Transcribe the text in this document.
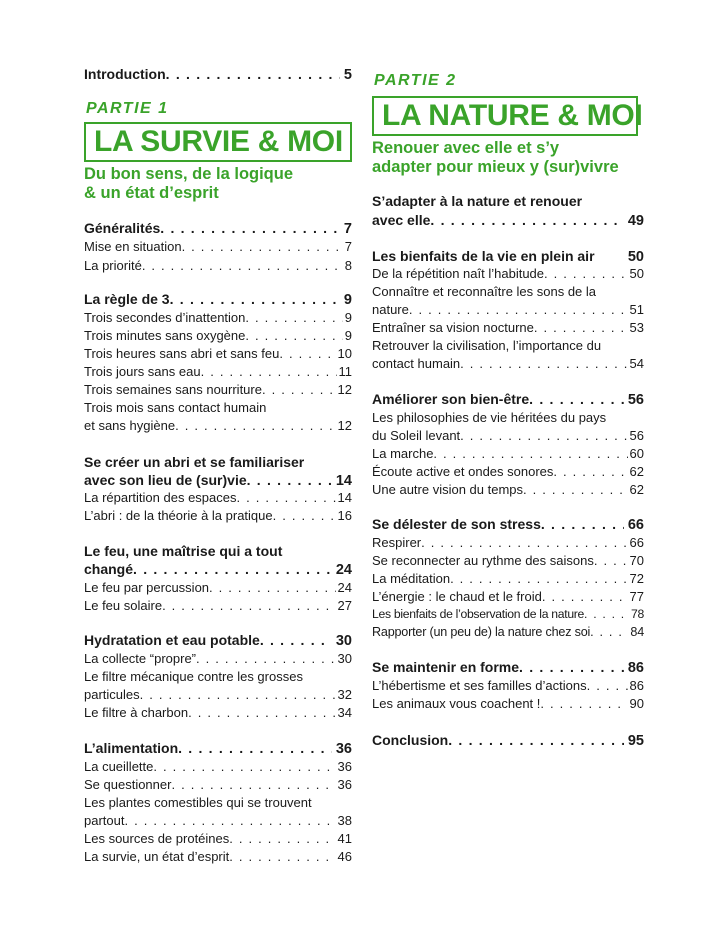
Introduction . . .	5
PARTIE 1
LA SURVIE & MOI
Du bon sens, de la logique
& un état d’esprit
Généralités . . .	7
Mise en situation . . .	7
La priorité . . .	8
La règle de 3 . . .	9
Trois secondes d’inattention . . .	9
Trois minutes sans oxygène . . .	9
Trois heures sans abri et sans feu . . .	10
Trois jours sans eau . . .	11
Trois semaines sans nourriture . . .	12
Trois mois sans contact humain
et sans hygiène . . .	12
Se créer un abri et se familiariser
avec son lieu de (sur)vie . . .	14
La répartition des espaces . . .	14
L’abri : de la théorie à la pratique . . .	16
Le feu, une maîtrise qui a tout
changé . . .	24
Le feu par percussion . . .	24
Le feu solaire . . .	27
Hydratation et eau potable . . .	30
La collecte “propre” . . .	30
Le filtre mécanique contre les grosses
particules . . .	32
Le filtre à charbon . . .	34
L’alimentation . . .	36
La cueillette . . .	36
Se questionner . . .	36
Les plantes comestibles qui se trouvent
partout . . .	38
Les sources de protéines . . .	41
La survie, un état d’esprit . . .	46
PARTIE 2
LA NATURE & MOI
Renouer avec elle et s’y
adapter pour mieux y (sur)vivre
S’adapter à la nature et renouer
avec elle . . .	49
Les bienfaits de la vie en plein air 50
De la répétition naît l’habitude . . .	50
Connaître et reconnaître les sons de la
nature . . .	51
Entraîner sa vision nocturne . . .	53
Retrouver la civilisation, l’importance du
contact humain . . .	54
Améliorer son bien-être . . .	56
Les philosophies de vie héritées du pays
du Soleil levant . . .	56
La marche . . .	60
Écoute active et ondes sonores . . .	62
Une autre vision du temps . . .	62
Se délester de son stress . . .	66
Respirer . . .	66
Se reconnecter au rythme des saisons . . .	70
La méditation . . .	72
L’énergie : le chaud et le froid . . .	77
Les bienfaits de l’observation de la nature . . .	78
Rapporter (un peu de) la nature chez soi . . .	84
Se maintenir en forme . . .	86
L’hébertisme et ses familles d’actions . . .	86
Les animaux vous coachent ! . . .	90
Conclusion . . .	95
